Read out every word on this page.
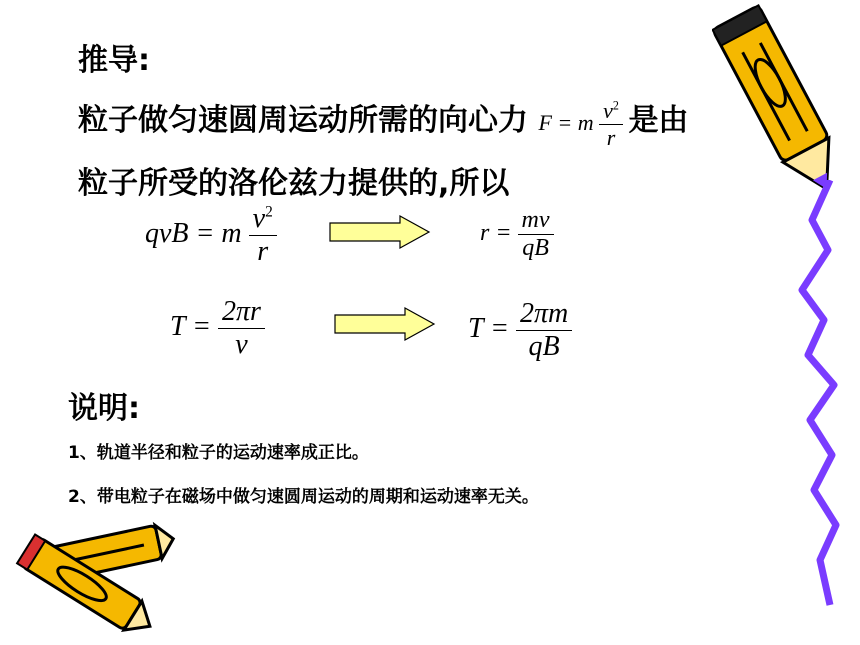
推导:
粒子做匀速圆周运动所需的向心力 F = m $\frac{v^2}{r}$ 是由
粒子所受的洛伦兹力提供的,所以
qvB = m $\frac{v^2}{r}$	$r = \frac{mv}{qB}$
$T = \frac{2\pi r}{v}$	$T = \frac{2\pi m}{qB}$
说明:
1、轨道半径和粒子的运动速率成正比。
2、带电粒子在磁场中做匀速圆周运动的周期和运动速率无关。
